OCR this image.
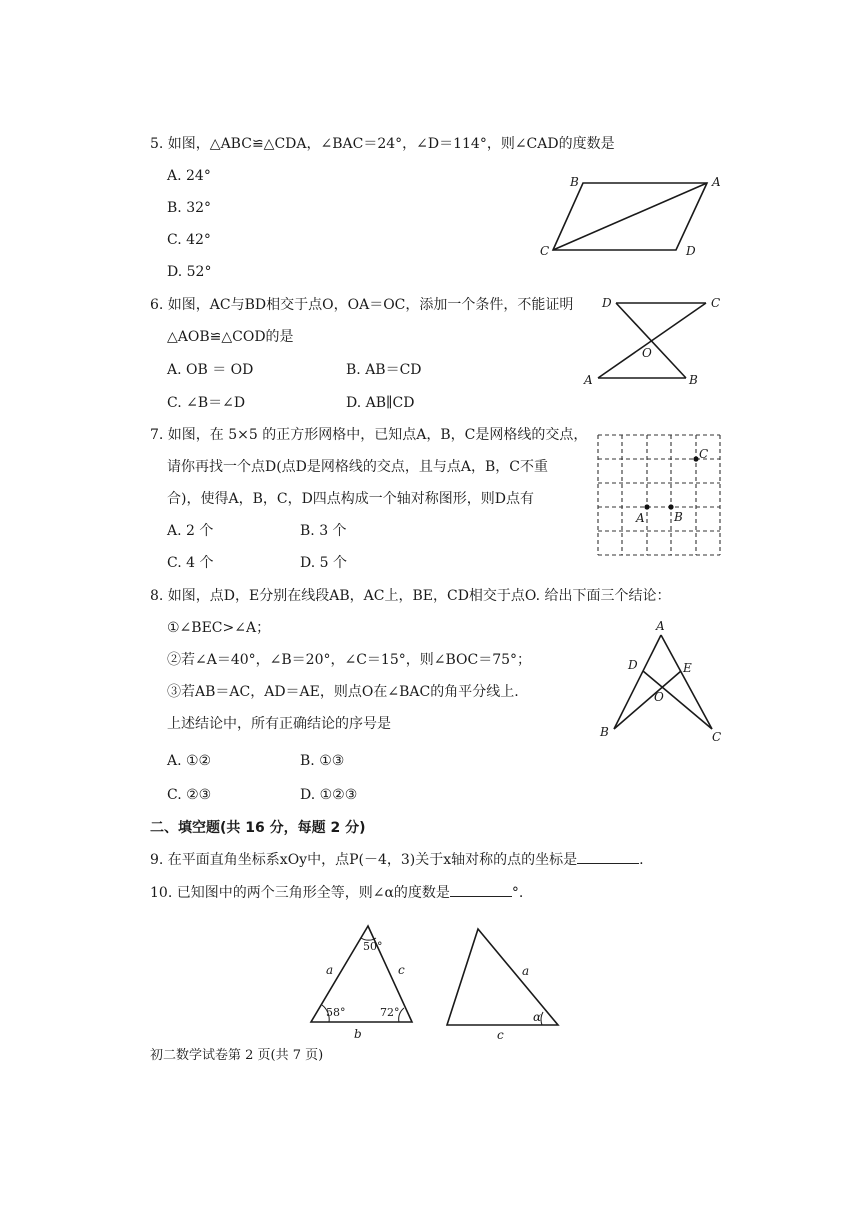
5. 如图，△ABC≌△CDA，∠BAC＝24°，∠D＝114°，则∠CAD的度数是
A. 24°
B. 32°
C. 42°
D. 52°
B	A
C	D
6. 如图，AC与BD相交于点O，OA＝OC，添加一个条件，不能证明
△AOB≌△COD的是
A. OB ＝ OD	B. AB＝CD
C. ∠B＝∠D	D. AB∥CD
D	C
O
A	B
7. 如图，在 5×5 的正方形网格中，已知点A，B，C是网格线的交点，
请你再找一个点D(点D是网格线的交点，且与点A，B，C不重
合)，使得A，B，C，D四点构成一个轴对称图形，则D点有
A. 2 个	B. 3 个
C. 4 个	D. 5 个
A B
C
8. 如图，点D，E分别在线段AB，AC上，BE，CD相交于点O. 给出下面三个结论：
①∠BEC>∠A；
②若∠A＝40°，∠B＝20°，∠C＝15°，则∠BOC＝75°；
③若AB＝AC，AD＝AE，则点O在∠BAC的角平分线上.
上述结论中，所有正确结论的序号是
A. ①②	B. ①③
C. ②③	D. ①②③
A
D	E
O
B	C
二、填空题(共 16 分，每题 2 分)
9. 在平面直角坐标系xOy中，点P(－4，3)关于x轴对称的点的坐标是	.
10. 已知图中的两个三角形全等，则∠α的度数是	°.
50°
58°	72°
a	c
b
a
c
α
初二数学试卷第 2 页(共 7 页)
